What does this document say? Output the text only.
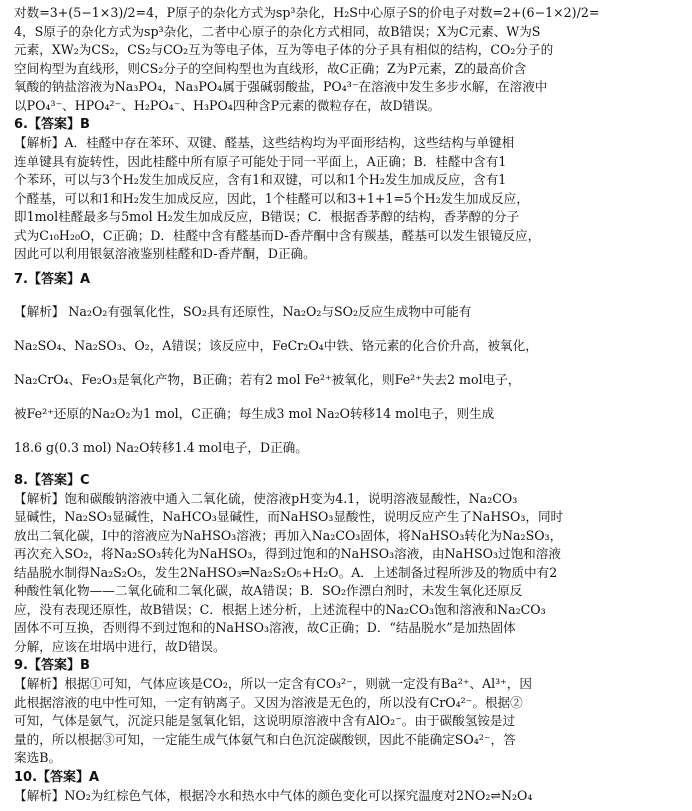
对数=3+(5−1×3)/2=4，P原子的杂化方式为sp³杂化，H₂S中心原子S的价电子对数=2+(6−1×2)/2=

4，S原子的杂化方式为sp³杂化，二者中心原子的杂化方式相同，故B错误；X为C元素、W为S

元素，XW₂为CS₂，CS₂与CO₂互为等电子体，互为等电子体的分子具有相似的结构，CO₂分子的

空间构型为直线形，则CS₂分子的空间构型也为直线形，故C正确；Z为P元素，Z的最高价含

氧酸的钠盐溶液为Na₃PO₄，Na₃PO₄属于强碱弱酸盐，PO₄³⁻在溶液中发生多步水解，在溶液中

以PO₄³⁻、HPO₄²⁻、H₂PO₄⁻、H₃PO₄四种含P元素的微粒存在，故D错误。

6.【答案】B

【解析】A．桂醛中存在苯环、双键、醛基，这些结构均为平面形结构，这些结构与单键相

连单键具有旋转性，因此桂醛中所有原子可能处于同一平面上，A正确；B．桂醛中含有1

个苯环，可以与3个H₂发生加成反应，含有1和双键，可以和1个H₂发生加成反应，含有1

个醛基，可以和1和H₂发生加成反应，因此，1个桂醛可以和3+1+1=5个H₂发生加成反应，

即1mol桂醛最多与5mol H₂发生加成反应，B错误；C．根据香茅醇的结构，香茅醇的分子

式为C₁₀H₂₀O，C正确；D．桂醛中含有醛基而D-香芹酮中含有羰基，醛基可以发生银镜反应，

因此可以利用银氨溶液鉴别桂醛和D-香芹酮，D正确。

7.【答案】A

【解析】 Na₂O₂有强氧化性，SO₂具有还原性，Na₂O₂与SO₂反应生成物中可能有

Na₂SO₄、Na₂SO₃、O₂，A错误；该反应中，FeCr₂O₄中铁、铬元素的化合价升高，被氧化，

Na₂CrO₄、Fe₂O₃是氧化产物，B正确；若有2 mol Fe²⁺被氧化，则Fe²⁺失去2 mol电子，

被Fe²⁺还原的Na₂O₂为1 mol，C正确；每生成3 mol Na₂O转移14 mol电子，则生成

18.6 g(0.3 mol) Na₂O转移1.4 mol电子，D正确。

8.【答案】C

【解析】饱和碳酸钠溶液中通入二氧化硫，使溶液pH变为4.1，说明溶液显酸性，Na₂CO₃

显碱性，Na₂SO₃显碱性，NaHCO₃显碱性，而NaHSO₃显酸性，说明反应产生了NaHSO₃，同时

放出二氧化碳，I中的溶液应为NaHSO₃溶液；再加入Na₂CO₃固体，将NaHSO₃转化为Na₂SO₃，

再次充入SO₂，将Na₂SO₃转化为NaHSO₃，得到过饱和的NaHSO₃溶液，由NaHSO₃过饱和溶液

结晶脱水制得Na₂S₂O₅，发生2NaHSO₃═Na₂S₂O₅+H₂O。A．上述制备过程所涉及的物质中有2

种酸性氧化物——二氧化硫和二氧化碳，故A错误；B．SO₂作漂白剂时，未发生氧化还原反

应，没有表现还原性，故B错误；C．根据上述分析，上述流程中的Na₂CO₃饱和溶液和Na₂CO₃

固体不可互换，否则得不到过饱和的NaHSO₃溶液，故C正确；D．“结晶脱水”是加热固体

分解，应该在坩埚中进行，故D错误。

9.【答案】B

【解析】根据①可知，气体应该是CO₂，所以一定含有CO₃²⁻，则就一定没有Ba²⁺、Al³⁺，因

此根据溶液的电中性可知，一定有钠离子。又因为溶液是无色的，所以没有CrO₄²⁻。根据②

可知，气体是氨气，沉淀只能是氢氧化铝，这说明原溶液中含有AlO₂⁻。由于碳酸氢铵是过

量的，所以根据③可知，一定能生成气体氨气和白色沉淀碳酸钡，因此不能确定SO₄²⁻，答

案选B。

10.【答案】A

【解析】NO₂为红棕色气体，根据冷水和热水中气体的颜色变化可以探究温度对2NO₂⇌N₂O₄
